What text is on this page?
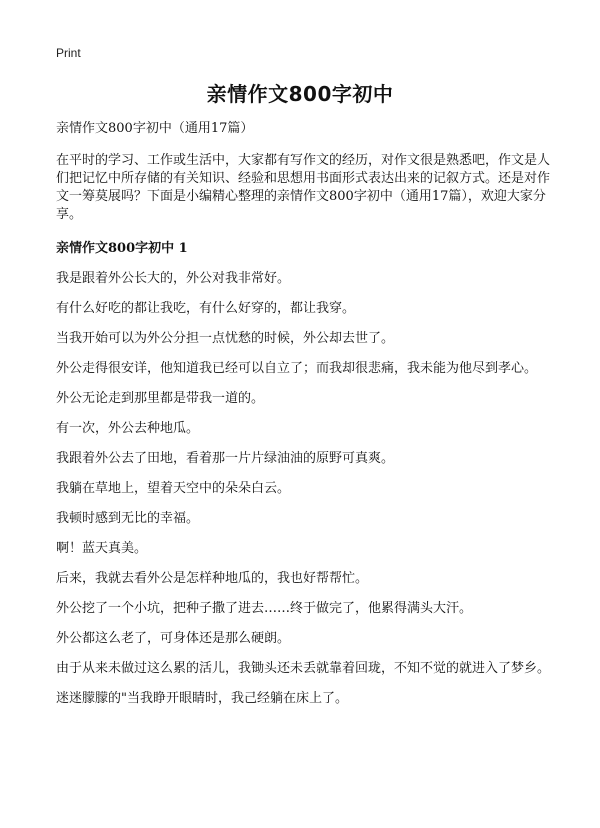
Print
亲情作文800字初中

亲情作文800字初中（通用17篇）

在平时的学习、工作或生活中，大家都有写作文的经历，对作文很是熟悉吧，作文是人们把记忆中所存储的有关知识、经验和思想用书面形式表达出来的记叙方式。还是对作文一筹莫展吗？下面是小编精心整理的亲情作文800字初中（通用17篇），欢迎大家分享。

亲情作文800字初中 1

我是跟着外公长大的，外公对我非常好。

有什么好吃的都让我吃，有什么好穿的，都让我穿。

当我开始可以为外公分担一点忧愁的时候，外公却去世了。

外公走得很安详，他知道我已经可以自立了；而我却很悲痛，我未能为他尽到孝心。

外公无论走到那里都是带我一道的。

有一次，外公去种地瓜。

我跟着外公去了田地，看着那一片片绿油油的原野可真爽。

我躺在草地上，望着天空中的朵朵白云。

我顿时感到无比的幸福。

啊！蓝天真美。

后来，我就去看外公是怎样种地瓜的，我也好帮帮忙。

外公挖了一个小坑，把种子撒了进去……终于做完了，他累得满头大汗。

外公都这么老了，可身体还是那么硬朗。

由于从来未做过这么累的活儿，我锄头还未丢就靠着回珑，不知不觉的就进入了梦乡。

迷迷朦朦的"当我睁开眼睛时，我己经躺在床上了。
